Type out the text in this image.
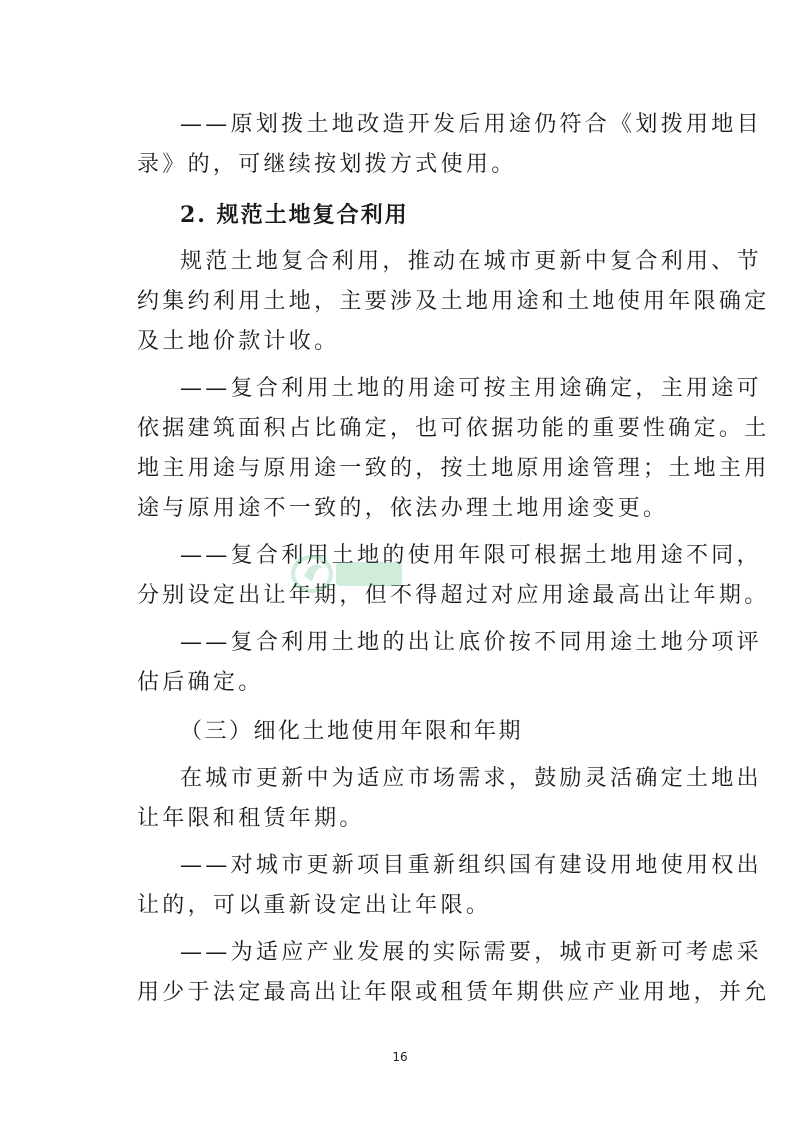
——原划拨土地改造开发后用途仍符合《划拨用地目
录》的，可继续按划拨方式使用。
2. 规范土地复合利用
规范土地复合利用，推动在城市更新中复合利用、节
约集约利用土地，主要涉及土地用途和土地使用年限确定
及土地价款计收。
——复合利用土地的用途可按主用途确定，主用途可
依据建筑面积占比确定，也可依据功能的重要性确定。土
地主用途与原用途一致的，按土地原用途管理；土地主用
途与原用途不一致的，依法办理土地用途变更。
——复合利用土地的使用年限可根据土地用途不同，
分别设定出让年期，但不得超过对应用途最高出让年期。
——复合利用土地的出让底价按不同用途土地分项评
估后确定。
（三）细化土地使用年限和年期
在城市更新中为适应市场需求，鼓励灵活确定土地出
让年限和租赁年期。
——对城市更新项目重新组织国有建设用地使用权出
让的，可以重新设定出让年限。
——为适应产业发展的实际需要，城市更新可考虑采
用少于法定最高出让年限或租赁年期供应产业用地，并允
16
